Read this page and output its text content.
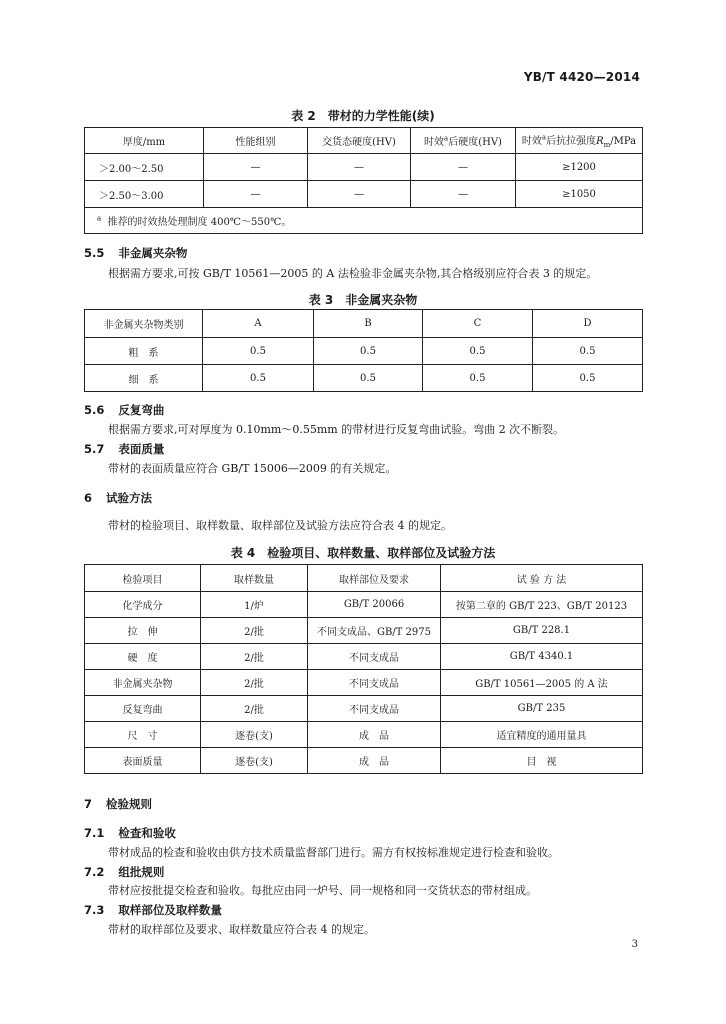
YB/T 4420—2014
表 2　带材的力学性能(续)
厚度/mm	性能组别	交货态硬度(HV)	时效$^a$后硬度(HV)	时效$^a$后抗拉强度$R_m$/MPa
＞2.00～2.50	—	—	—	≥1200
＞2.50～3.00	—	—	—	≥1050
$^a$ 推荐的时效热处理制度 400℃～550℃。				
5.5 非金属夹杂物
根据需方要求,可按 GB/T 10561—2005 的 A 法检验非金属夹杂物,其合格级别应符合表 3 的规定。
表 3　非金属夹杂物
非金属夹杂物类别	A	B	C	D
粗　系	0.5	0.5	0.5	0.5
细　系	0.5	0.5	0.5	0.5
5.6 反复弯曲
根据需方要求,可对厚度为 0.10mm～0.55mm 的带材进行反复弯曲试验。弯曲 2 次不断裂。
5.7 表面质量
带材的表面质量应符合 GB/T 15006—2009 的有关规定。
6 试验方法
带材的检验项目、取样数量、取样部位及试验方法应符合表 4 的规定。
表 4　检验项目、取样数量、取样部位及试验方法
检验项目	取样数量	取样部位及要求	试 验 方 法
化学成分	1/炉	GB/T 20066	按第二章的 GB/T 223、GB/T 20123
拉　伸	2/批	不同支成品、GB/T 2975	GB/T 228.1
硬　度	2/批	不同支成品	GB/T 4340.1
非金属夹杂物	2/批	不同支成品	GB/T 10561—2005 的 A 法
反复弯曲	2/批	不同支成品	GB/T 235
尺　寸	逐卷(支)	成　品	适宜精度的通用量具
表面质量	逐卷(支)	成　品	目　视
7 检验规则
7.1 检查和验收
带材成品的检查和验收由供方技术质量监督部门进行。需方有权按标准规定进行检查和验收。
7.2 组批规则
带材应按批提交检查和验收。每批应由同一炉号、同一规格和同一交货状态的带材组成。
7.3 取样部位及取样数量
带材的取样部位及要求、取样数量应符合表 4 的规定。
3
